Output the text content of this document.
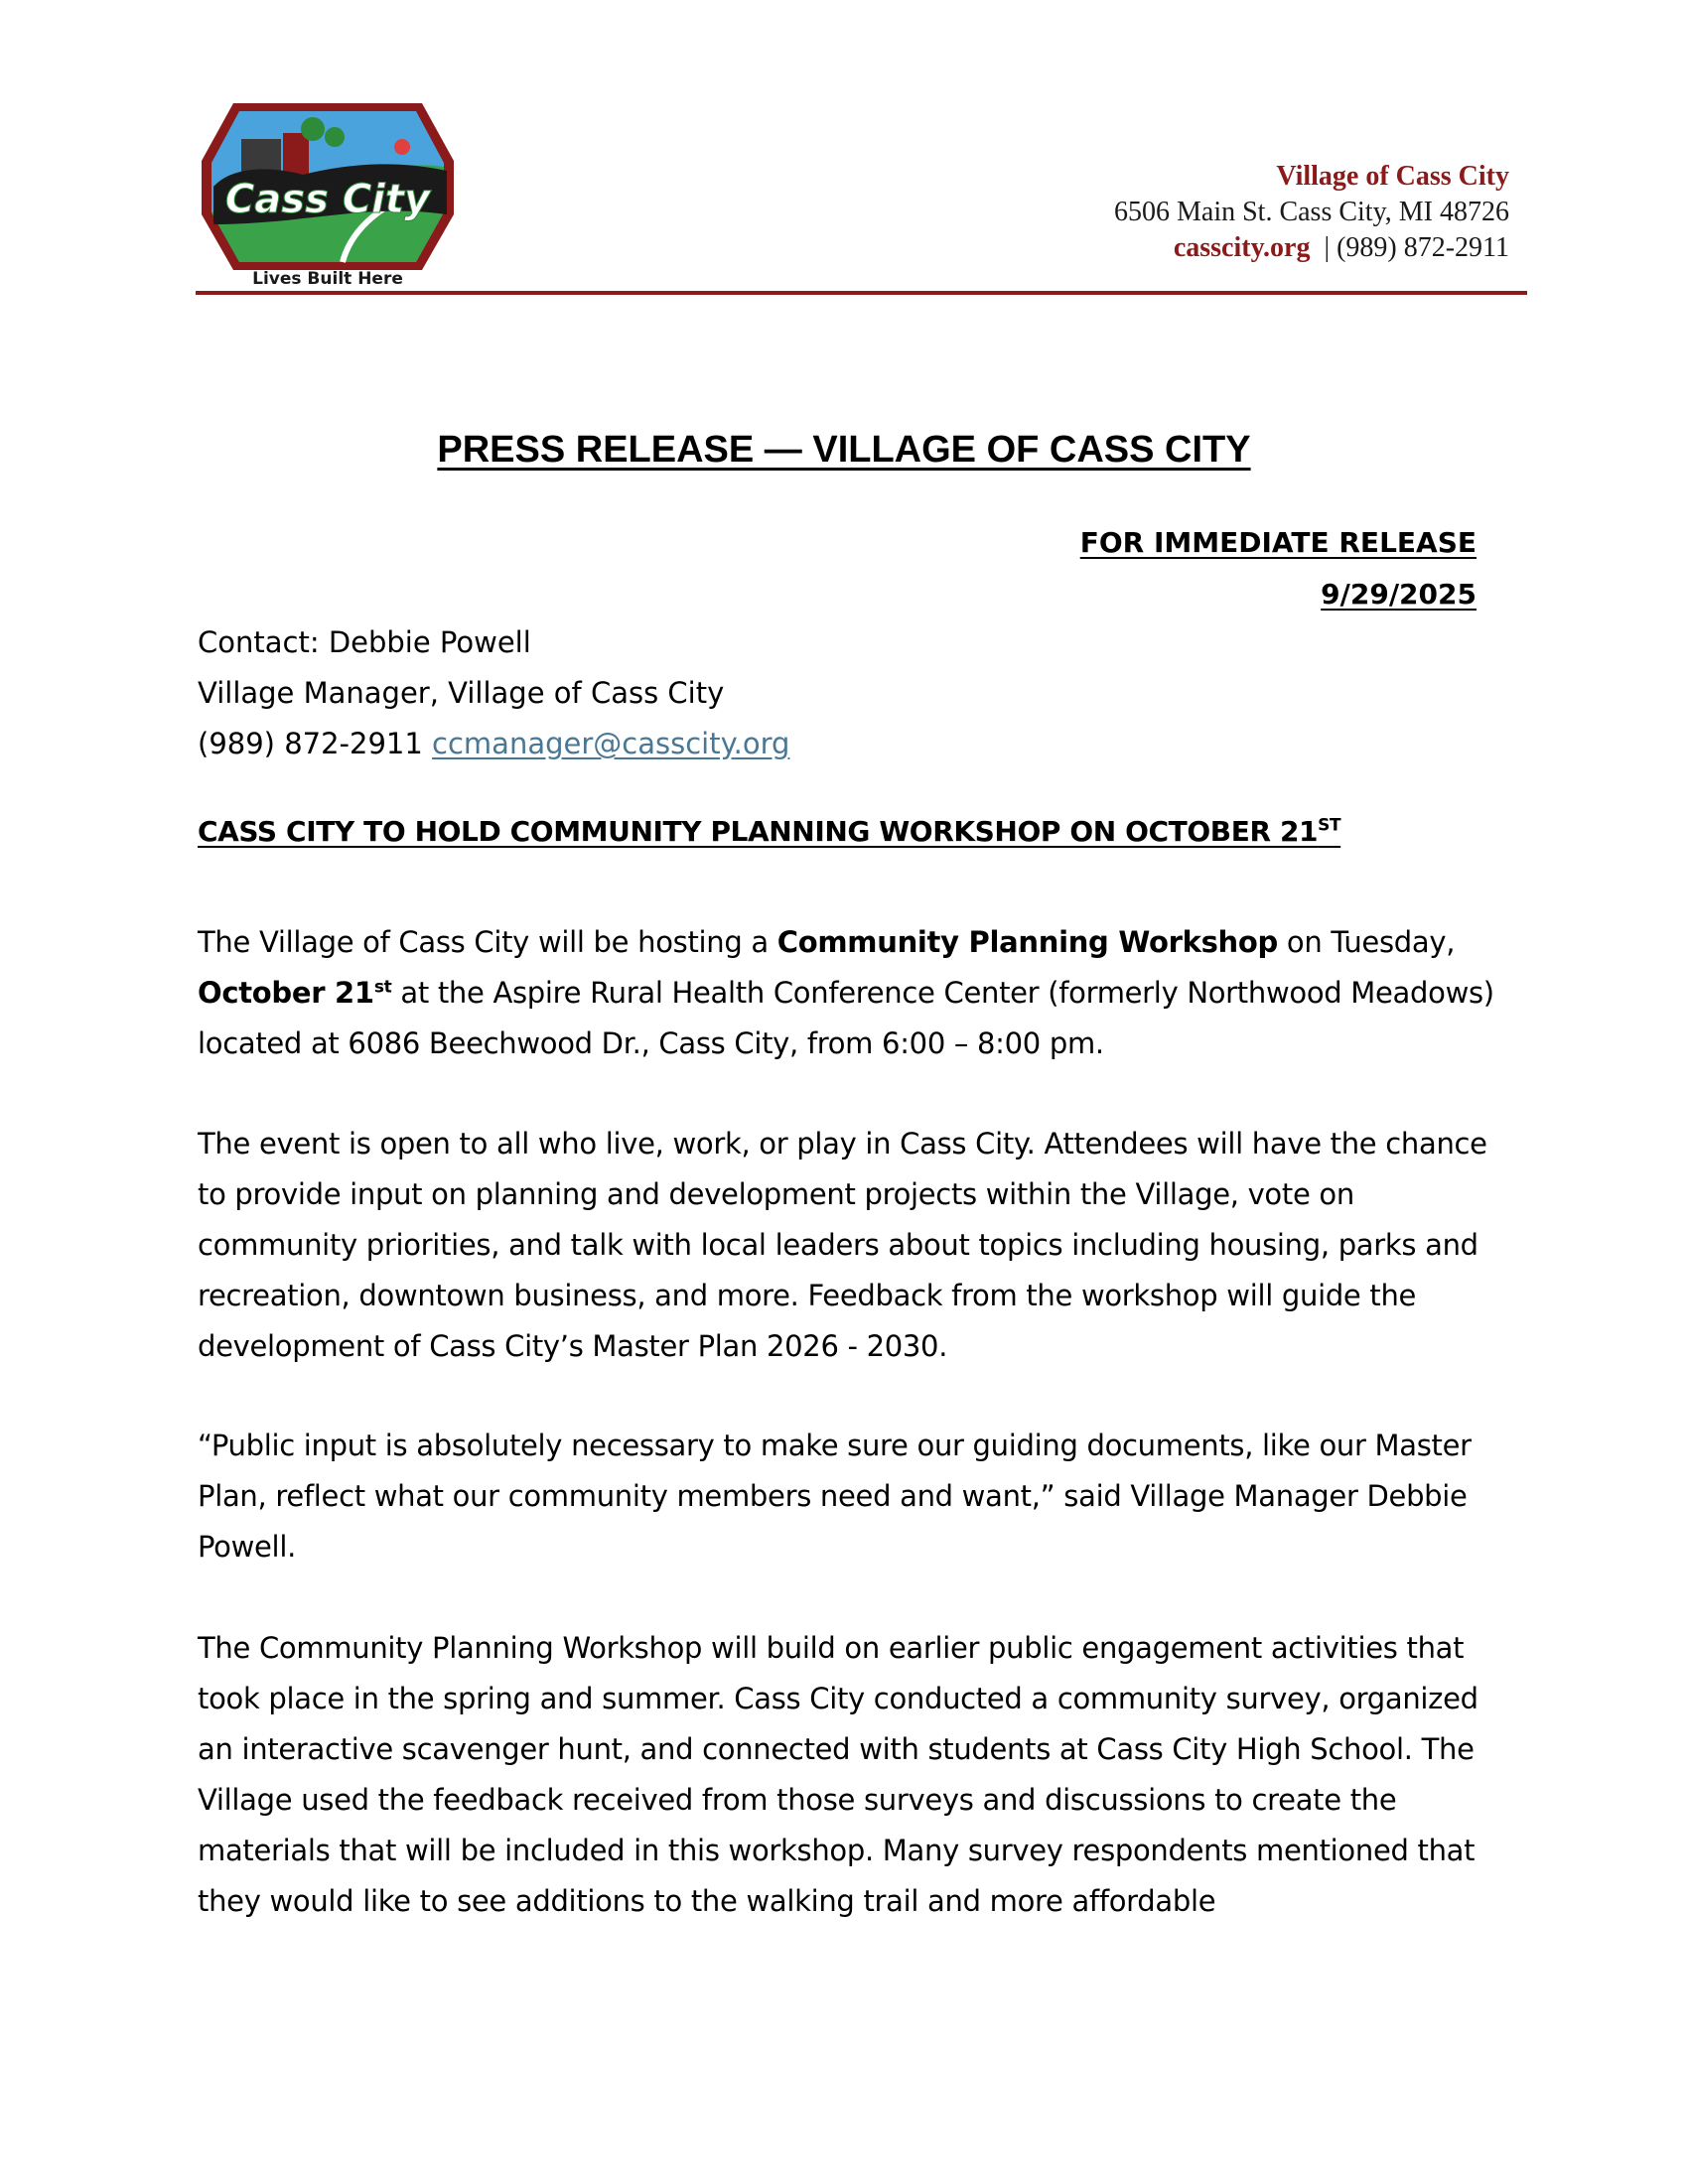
Cass City
Lives Built Here
Village of Cass City
6506 Main St. Cass City, MI 48726
casscity.org | (989) 872-2911
PRESS RELEASE — VILLAGE OF CASS CITY
FOR IMMEDIATE RELEASE
9/29/2025
Contact: Debbie Powell
Village Manager, Village of Cass City
(989) 872-2911 ccmanager@casscity.org
CASS CITY TO HOLD COMMUNITY PLANNING WORKSHOP ON OCTOBER 21ST
The Village of Cass City will be hosting a Community Planning Workshop on Tuesday, October 21st at the Aspire Rural Health Conference Center (formerly Northwood Meadows) located at 6086 Beechwood Dr., Cass City, from 6:00 – 8:00 pm.
The event is open to all who live, work, or play in Cass City. Attendees will have the chance to provide input on planning and development projects within the Village, vote on community priorities, and talk with local leaders about topics including housing, parks and recreation, downtown business, and more. Feedback from the workshop will guide the development of Cass City’s Master Plan 2026 - 2030.
“Public input is absolutely necessary to make sure our guiding documents, like our Master Plan, reflect what our community members need and want,” said Village Manager Debbie Powell.
The Community Planning Workshop will build on earlier public engagement activities that took place in the spring and summer. Cass City conducted a community survey, organized an interactive scavenger hunt, and connected with students at Cass City High School. The Village used the feedback received from those surveys and discussions to create the materials that will be included in this workshop. Many survey respondents mentioned that they would like to see additions to the walking trail and more affordable
